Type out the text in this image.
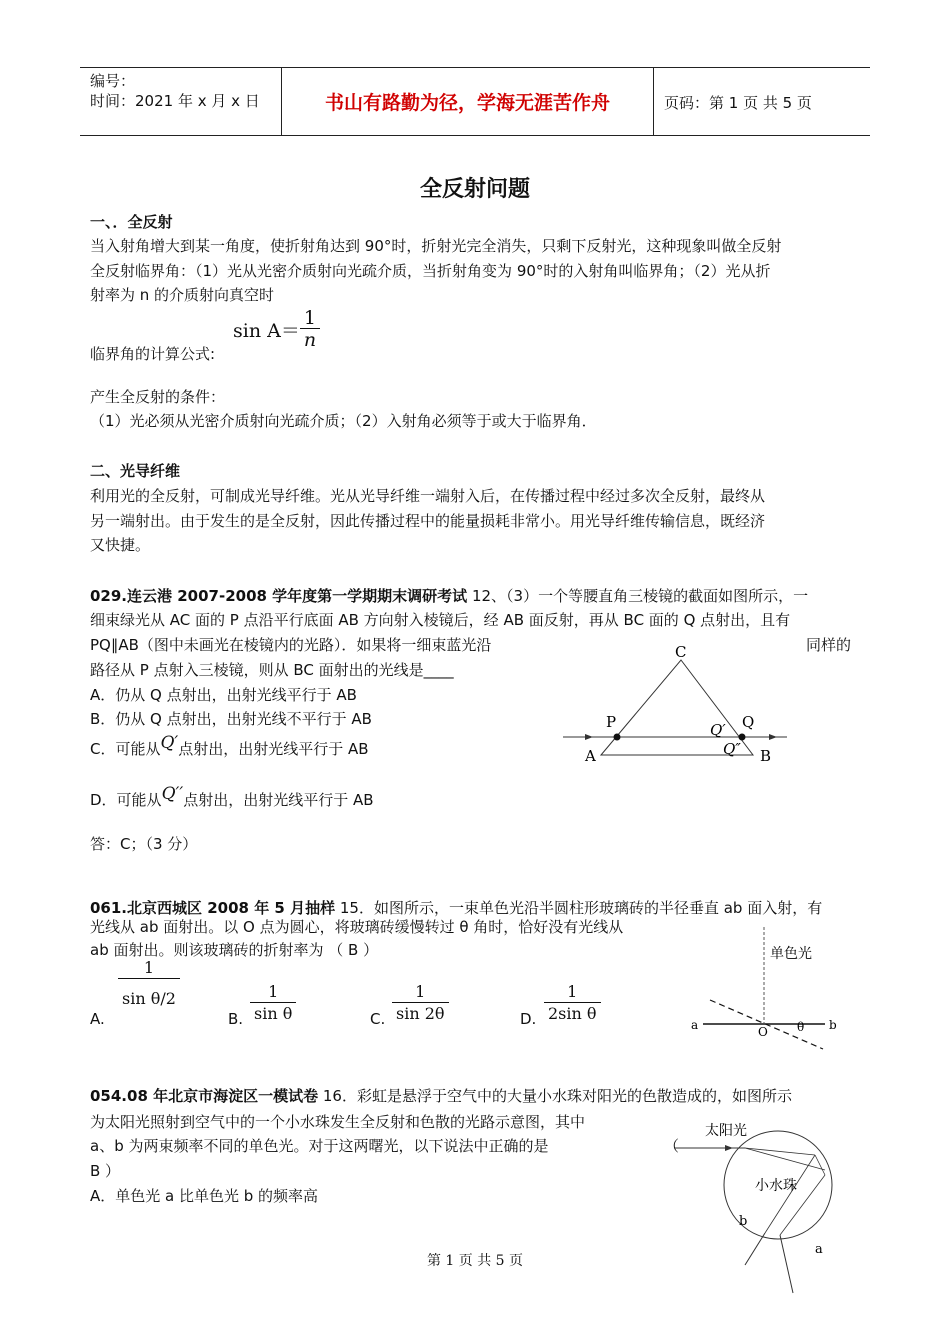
编号：
时间：2021 年 x 月 x 日	书山有路勤为径，学海无涯苦作舟	页码：第 1 页 共 5 页
全反射问题
一、．全反射
当入射角增大到某一角度，使折射角达到 90°时，折射光完全消失，只剩下反射光，这种现象叫做全反射
全反射临界角：（1）光从光密介质射向光疏介质，当折射角变为 90°时的入射角叫临界角；（2）光从折
射率为 n 的介质射向真空时
$\sin A= \frac{1}{n}$
临界角的计算公式:
产生全反射的条件：
（1）光必须从光密介质射向光疏介质；（2）入射角必须等于或大于临界角．
二、光导纤维
利用光的全反射，可制成光导纤维。光从光导纤维一端射入后，在传播过程中经过多次全反射，最终从
另一端射出。由于发生的是全反射，因此传播过程中的能量损耗非常小。用光导纤维传输信息，既经济
又快捷。
029.连云港 2007-2008 学年度第一学期期末调研考试 12、（3）一个等腰直角三棱镜的截面如图所示，一
细束绿光从 AC 面的 P 点沿平行底面 AB 方向射入棱镜后，经 AB 面反射，再从 BC 面的 Q 点射出，且有
PQ∥AB（图中未画光在棱镜内的光路）．如果将一细束蓝光沿	同样的
路径从 P 点射入三棱镜，则从 BC 面射出的光线是____
A．仍从 Q 点射出，出射光线平行于 AB
B．仍从 Q 点射出，出射光线不平行于 AB
C．可能从Q′点射出，出射光线平行于 AB
D．可能从Q′′点射出，出射光线平行于 AB
答：C；（3 分）
C
P	Q
Q′
Q″
A	B
061.北京西城区 2008 年 5 月抽样 15．如图所示，一束单色光沿半圆柱形玻璃砖的半径垂直 ab 面入射，有
光线从 ab 面射出。以 O 点为圆心，将玻璃砖缓慢转过 θ 角时，恰好没有光线从
ab 面射出。则该玻璃砖的折射率为 （ B ）
A. $\frac{1}{\text{sin θ/2}}$	B. $\frac{1}{\text{sin θ}}$	C. $\frac{1}{\sin 2\theta}$	D. $\frac{1}{\text{2sin θ}}$
单色光
a	b
O θ
054.08 年北京市海淀区一模试卷 16．彩虹是悬浮于空气中的大量小水珠对阳光的色散造成的，如图所示
为太阳光照射到空气中的一个小水珠发生全反射和色散的光路示意图，其中
a、b 为两束频率不同的单色光。对于这两曙光，以下说法中正确的是	（
B ）
A．单色光 a 比单色光 b 的频率高
太阳光
小水珠
b
a
第 1 页 共 5 页
